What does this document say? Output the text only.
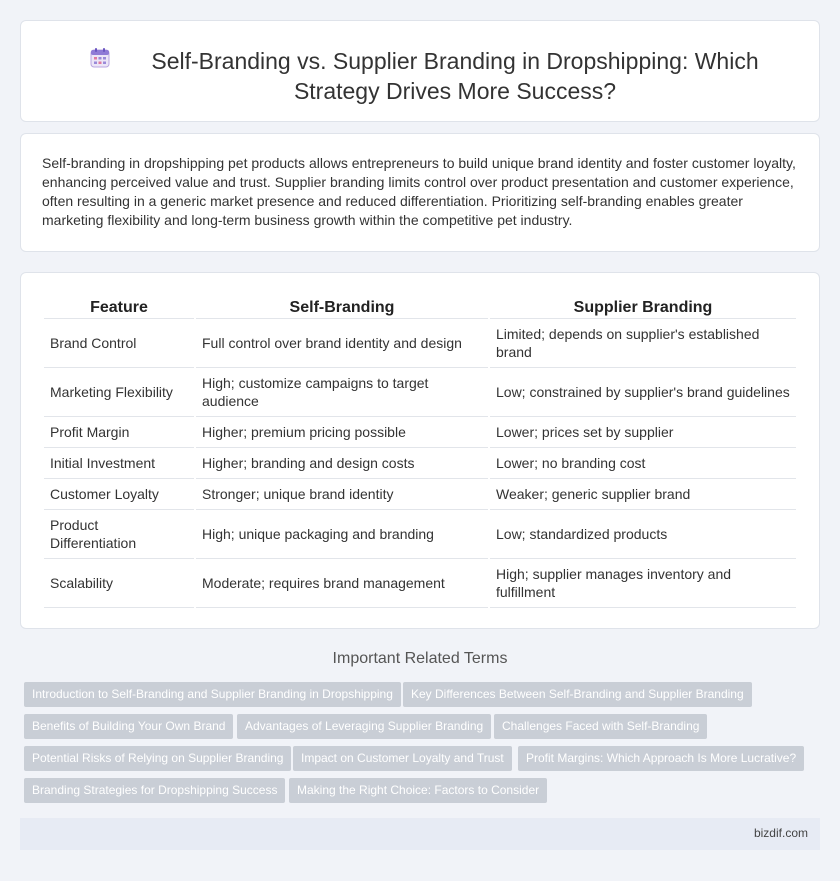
Self-Branding vs. Supplier Branding in Dropshipping: Which Strategy Drives More Success?

Self-branding in dropshipping pet products allows entrepreneurs to build unique brand identity and foster customer loyalty, enhancing perceived value and trust. Supplier branding limits control over product presentation and customer experience, often resulting in a generic market presence and reduced differentiation. Prioritizing self-branding enables greater marketing flexibility and long-term business growth within the competitive pet industry.

Feature	Self-Branding	Supplier Branding
Brand Control	Full control over brand identity and design	Limited; depends on supplier's established brand
Marketing Flexibility	High; customize campaigns to target audience	Low; constrained by supplier's brand guidelines
Profit Margin	Higher; premium pricing possible	Lower; prices set by supplier
Initial Investment	Higher; branding and design costs	Lower; no branding cost
Customer Loyalty	Stronger; unique brand identity	Weaker; generic supplier brand
Product Differentiation	High; unique packaging and branding	Low; standardized products
Scalability	Moderate; requires brand management	High; supplier manages inventory and fulfillment
Important Related Terms
Introduction to Self-Branding and Supplier Branding in Dropshipping	Key Differences Between Self-Branding and Supplier Branding
Benefits of Building Your Own Brand	Advantages of Leveraging Supplier Branding	Challenges Faced with Self-Branding
Potential Risks of Relying on Supplier Branding	Impact on Customer Loyalty and Trust	Profit Margins: Which Approach Is More Lucrative?
Branding Strategies for Dropshipping Success	Making the Right Choice: Factors to Consider
bizdif.com
